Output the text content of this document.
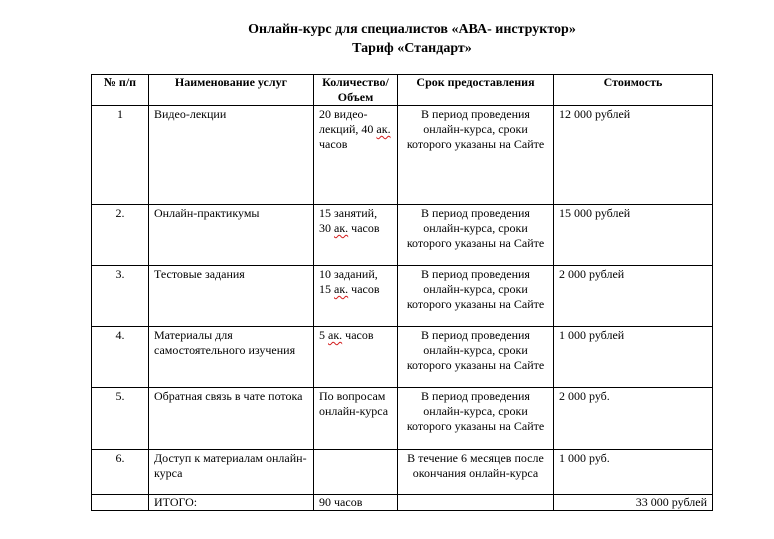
Онлайн-курс для специалистов «АВА- инструктор»
Тариф «Стандарт»
№ п/п	Наименование услуг	Количество/ Объем	Срок предоставления	Стоимость
1	Видео-лекции	20 видео-лекций, 40 ак. часов	В период проведения онлайн-курса, сроки которого указаны на Сайте	12 000 рублей
2.	Онлайн-практикумы	15 занятий, 30 ак. часов	В период проведения онлайн-курса, сроки которого указаны на Сайте	15 000 рублей
3.	Тестовые задания	10 заданий, 15 ак. часов	В период проведения онлайн-курса, сроки которого указаны на Сайте	2 000 рублей
4.	Материалы для самостоятельного изучения	5 ак. часов	В период проведения онлайн-курса, сроки которого указаны на Сайте	1 000 рублей
5.	Обратная связь в чате потока	По вопросам онлайн-курса	В период проведения онлайн-курса, сроки которого указаны на Сайте	2 000 руб.
6.	Доступ к материалам онлайн-курса		В течение 6 месяцев после окончания онлайн-курса	1 000 руб.
	ИТОГО:	90 часов		33 000 рублей
